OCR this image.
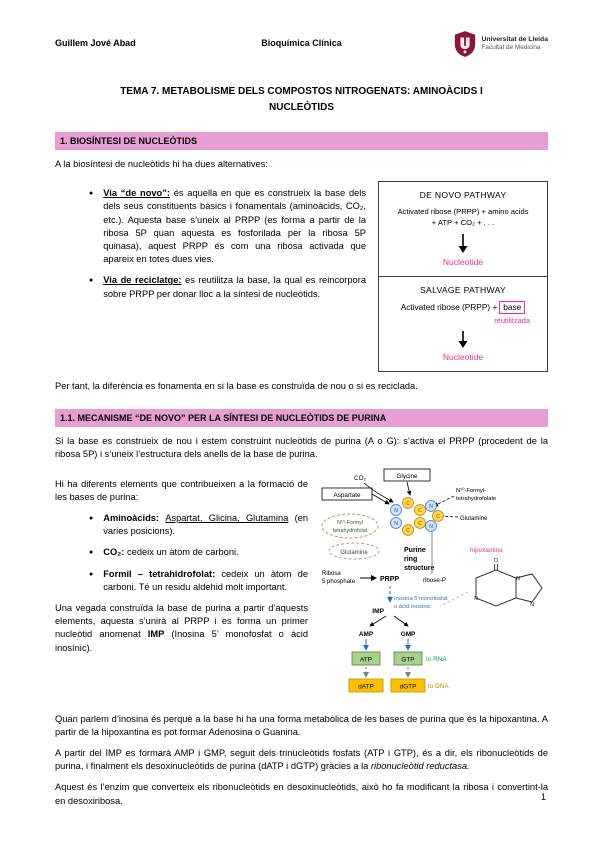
Guillem Jové Abad	Bioquímica Clínica	Universitat de Lleida
Facultat de Medicina
TEMA 7. METABOLISME DELS COMPOSTOS NITROGENATS: AMINOÀCIDS I NUCLEÒTIDS
1. BIOSÍNTESI DE NUCLEÒTIDS

A la biosíntesi de nucleòtids hi ha dues alternatives:

● Via “de novo”: és aquella en que es construeix la base dels dels seus constituents bàsics i fonamentals (aminoàcids, CO₂, etc.). Aquesta base s’uneix al PRPP (es forma a partir de la ribosa 5P quan aquesta es fosforilada per la ribosa 5P quinasa), aquest PRPP és com una ribosa activada que apareix en totes dues vies.
● Via de reciclatge: es reutilitza la base, la qual es reincorpora sobre PRPP per donar lloc a la síntesi de nucleòtids.
DE NOVO PATHWAY
Activated ribose (PRPP) + amino acids
+ ATP + CO₂ + . . .
Nucleotide
SALVAGE PATHWAY
Activated ribose (PRPP) + base
reutilitzada
Nucleotide

Per tant, la diferència es fonamenta en si la base es construïda de nou o si es reciclada.

1.1. MECANISME “DE NOVO” PER LA SÍNTESI DE NUCLEÒTIDS DE PURINA

Si la base es construeix de nou i estem construint nucleòtids de purina (A o G): s’activa el PRPP (procedent de la ribosa 5P) i s’uneix l’estructura dels anells de la base de purina.

Hi ha diferents elements que contribueixen a la formació de les bases de purina:

● Aminoàcids: Aspartat, Glicina, Glutamina (en varies posicions).
● CO₂: cedeix un àtom de carboni.
● Formil – tetrahidrofolat: cedeix un àtom de carboni. Té un residu aldehid molt important.

Una vegada construïda la base de purina a partir d’aquests elements, aquesta s’unirà al PRPP i es forma un primer nucleòtid anomenat IMP (Inosina 5’ monofosfat o àcid inosínic).

CO₂	Glycine
Aspartate
N¹⁰-Formyl-
tetrahydrofolate
Glutamine
C
C
C
C
C
N
N
N
N
N¹⁰-Formyl
tetrahydrofolat
Glutamine	Purine
ring
structure
ribose-P
Ribosa
5 phosphate	PRPP
IMP
Inosina 5’monofosfat
o àcid inosínic
AMP	GMP
ATP	GTP to RNA
dATP	dGTP to DNA
hipoxantina
O
N
N
N

Quan parlem d’inosina és perquè a la base hi ha una forma metabòlica de les bases de purina que és la hipoxantina. A partir de la hipoxantina es pot formar Adenosina o Guanina.

A partir del IMP es formarà AMP i GMP, seguit dels trinucleòtids fosfats (ATP i GTP), és a dir, els ribonucleòtids de purina, i finalment els desoxinucleòtids de purina (dATP i dGTP) gràcies a la ribonucleòtid reductasa.

Aquest és l’enzim que converteix els ribonucleòtids en desoxinucleòtids, això ho fa modificant la ribosa i convertint-la en desoxiribosa.	1
